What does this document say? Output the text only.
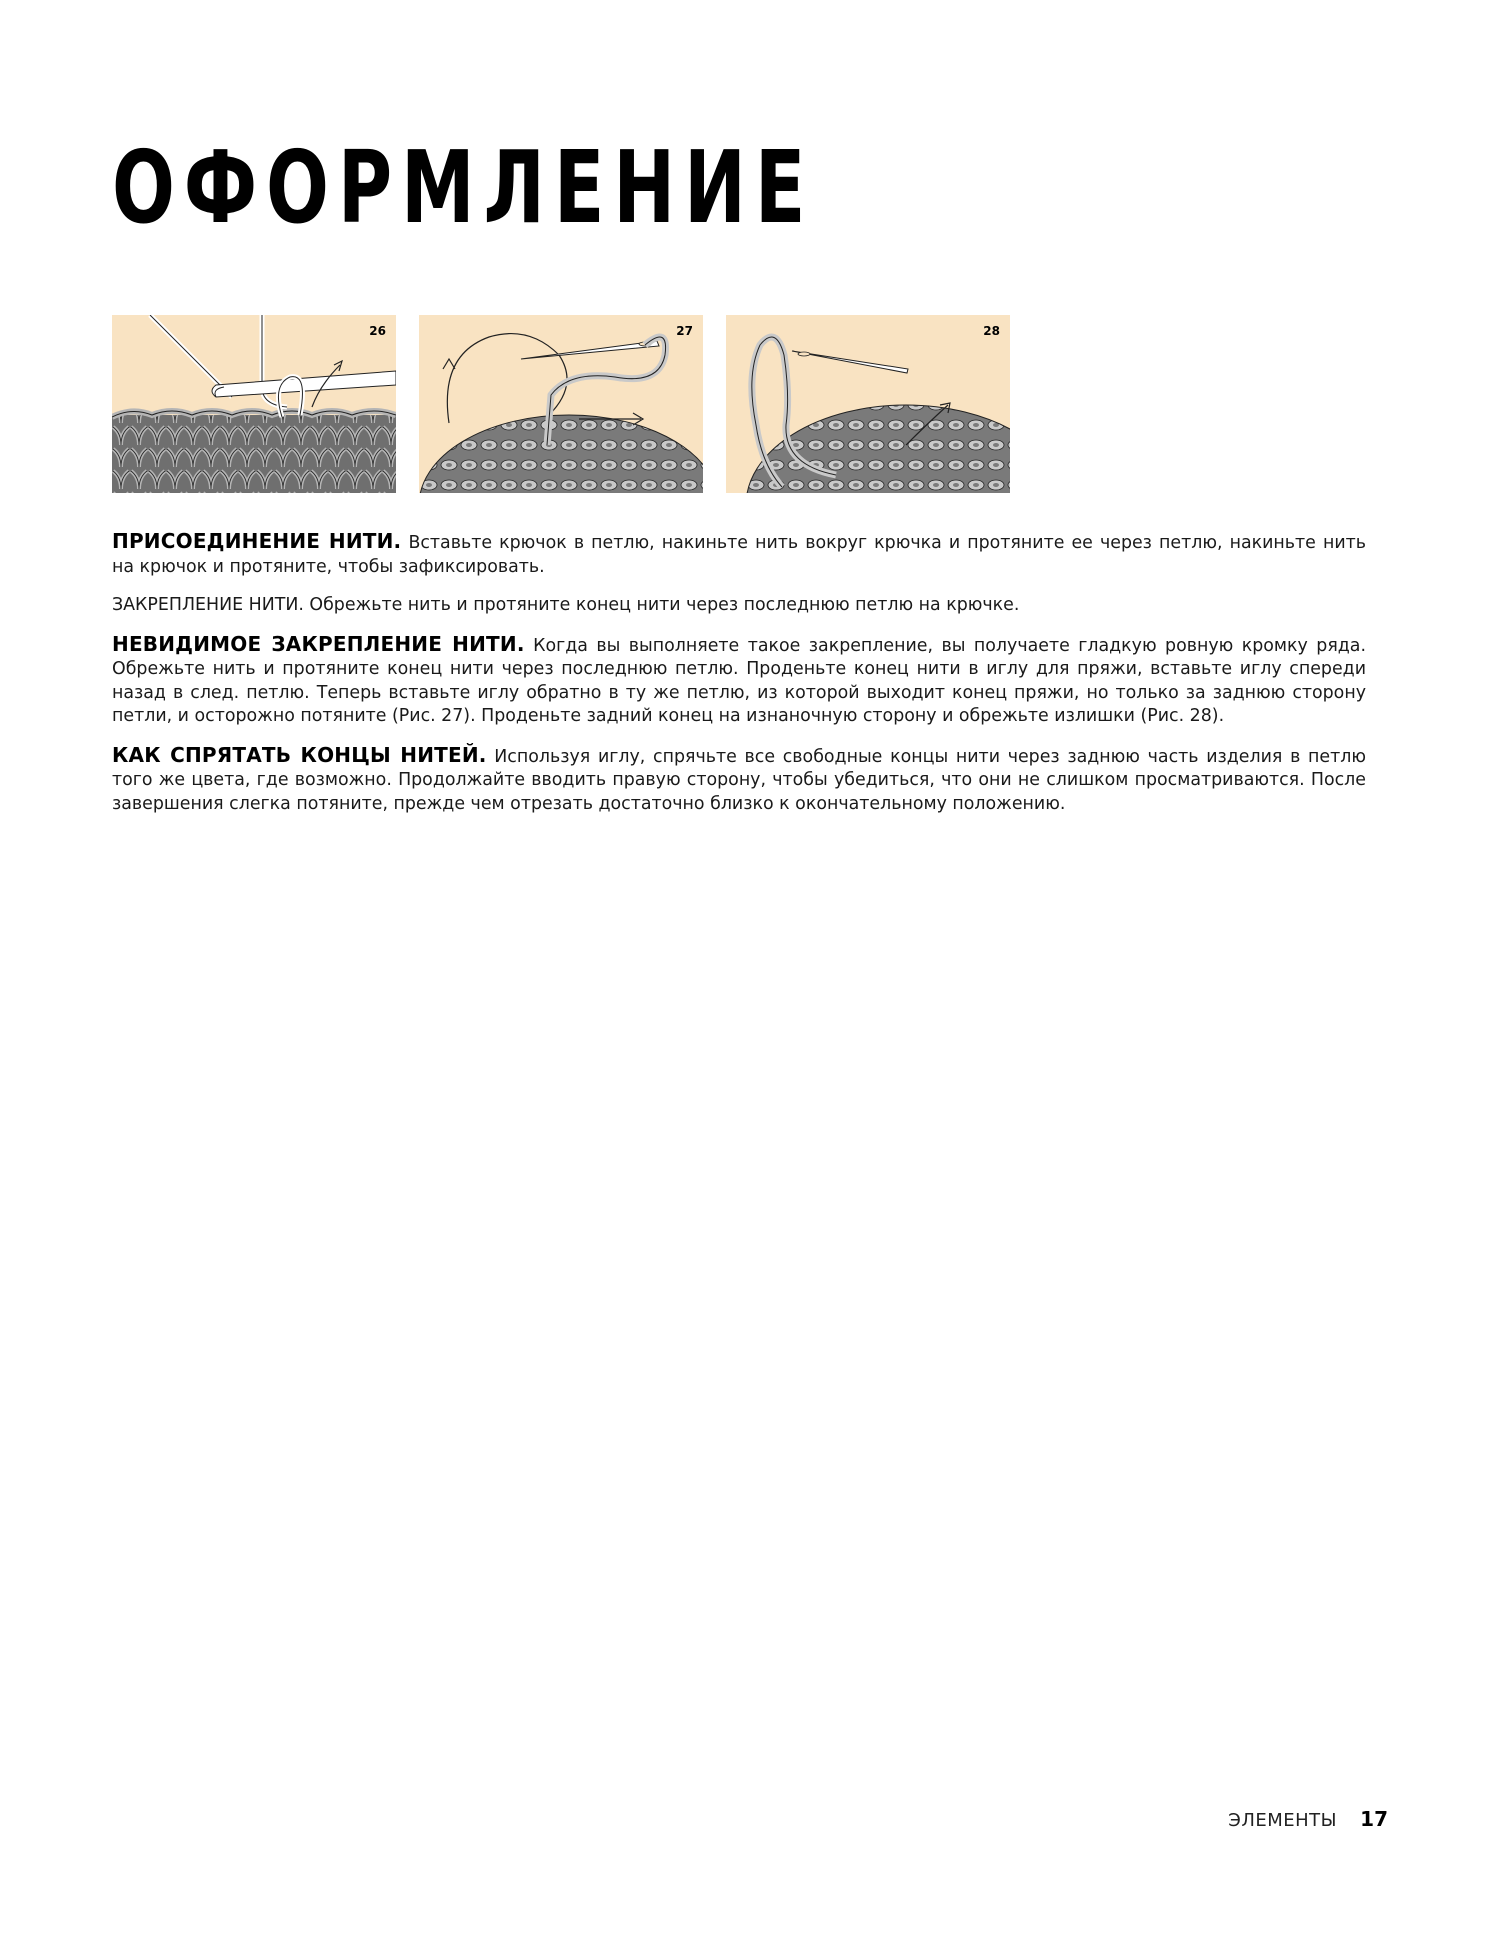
ОФОРМЛЕНИЕ
26	27	28

ПРИСОЕДИНЕНИЕ НИТИ. Вставьте крючок в петлю, накиньте нить вокруг крючка и протяните ее через петлю, накиньте нить на крючок и протяните, чтобы зафиксировать.

ЗАКРЕПЛЕНИЕ НИТИ. Обрежьте нить и протяните конец нити через последнюю петлю на крючке.

НЕВИДИМОЕ ЗАКРЕПЛЕНИЕ НИТИ. Когда вы выполняете такое закрепление, вы получаете гладкую ровную кромку ряда. Обрежьте нить и протяните конец нити через последнюю петлю. Проденьте конец нити в иглу для пряжи, вставьте иглу спереди назад в след. петлю. Теперь вставьте иглу обратно в ту же петлю, из которой выходит конец пряжи, но только за заднюю сторону петли, и осторожно потяните (Рис. 27). Проденьте задний конец на изнаночную сторону и обрежьте излишки (Рис. 28).

КАК СПРЯТАТЬ КОНЦЫ НИТЕЙ. Используя иглу, спрячьте все свободные концы нити через заднюю часть изделия в петлю того же цвета, где возможно. Продолжайте вводить правую сторону, чтобы убедиться, что они не слишком просматриваются. После завершения слегка потяните, прежде чем отрезать достаточно близко к окончательному положению.

ЭЛЕМЕНТЫ 17
